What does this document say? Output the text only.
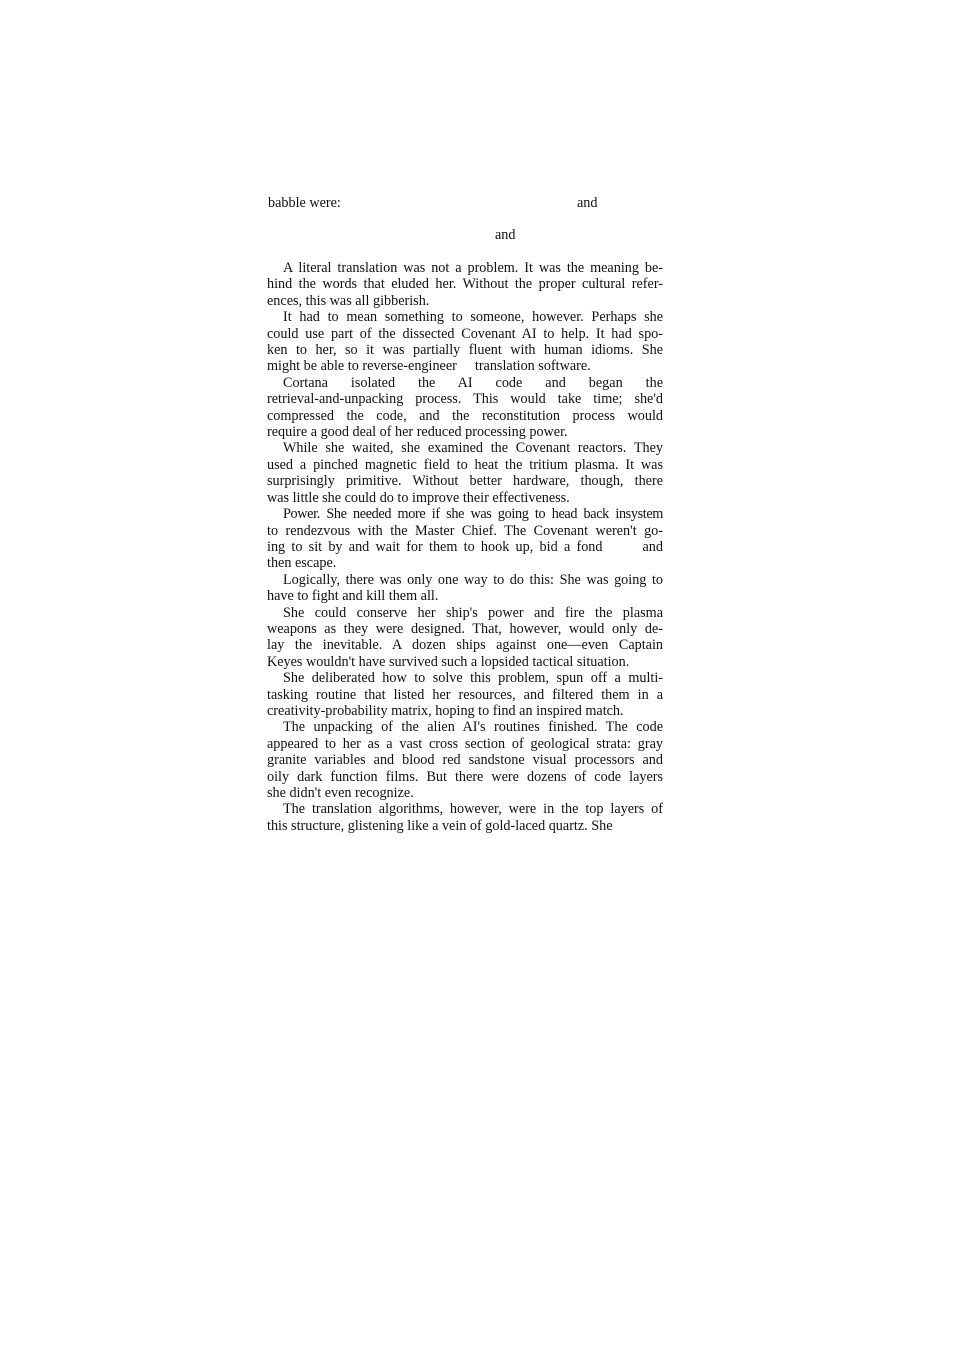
babble were:	and
and
A literal translation was not a problem. It was the meaning be-
hind the words that eluded her. Without the proper cultural refer-
ences, this was all gibberish.
It had to mean something to someone, however. Perhaps she
could use part of the dissected Covenant AI to help. It had spo-
ken to her, so it was partially fluent with human idioms. She
might be able to reverse-engineer translation software.
Cortana isolated the AI code and began the
retrieval-and-unpacking process. This would take time; she'd
compressed the code, and the reconstitution process would
require a good deal of her reduced processing power.
While she waited, she examined the Covenant reactors. They
used a pinched magnetic field to heat the tritium plasma. It was
surprisingly primitive. Without better hardware, though, there
was little she could do to improve their effectiveness.
Power. She needed more if she was going to head back insystem
to rendezvous with the Master Chief. The Covenant weren't go-
ing to sit by and wait for them to hook up, bid a fond	and
then escape.
Logically, there was only one way to do this: She was going to
have to fight and kill them all.
She could conserve her ship's power and fire the plasma
weapons as they were designed. That, however, would only de-
lay the inevitable. A dozen ships against one—even Captain
Keyes wouldn't have survived such a lopsided tactical situation.
She deliberated how to solve this problem, spun off a multi-
tasking routine that listed her resources, and filtered them in a
creativity-probability matrix, hoping to find an inspired match.
The unpacking of the alien AI's routines finished. The code
appeared to her as a vast cross section of geological strata: gray
granite variables and blood red sandstone visual processors and
oily dark function films. But there were dozens of code layers
she didn't even recognize.
The translation algorithms, however, were in the top layers of
this structure, glistening like a vein of gold-laced quartz. She
